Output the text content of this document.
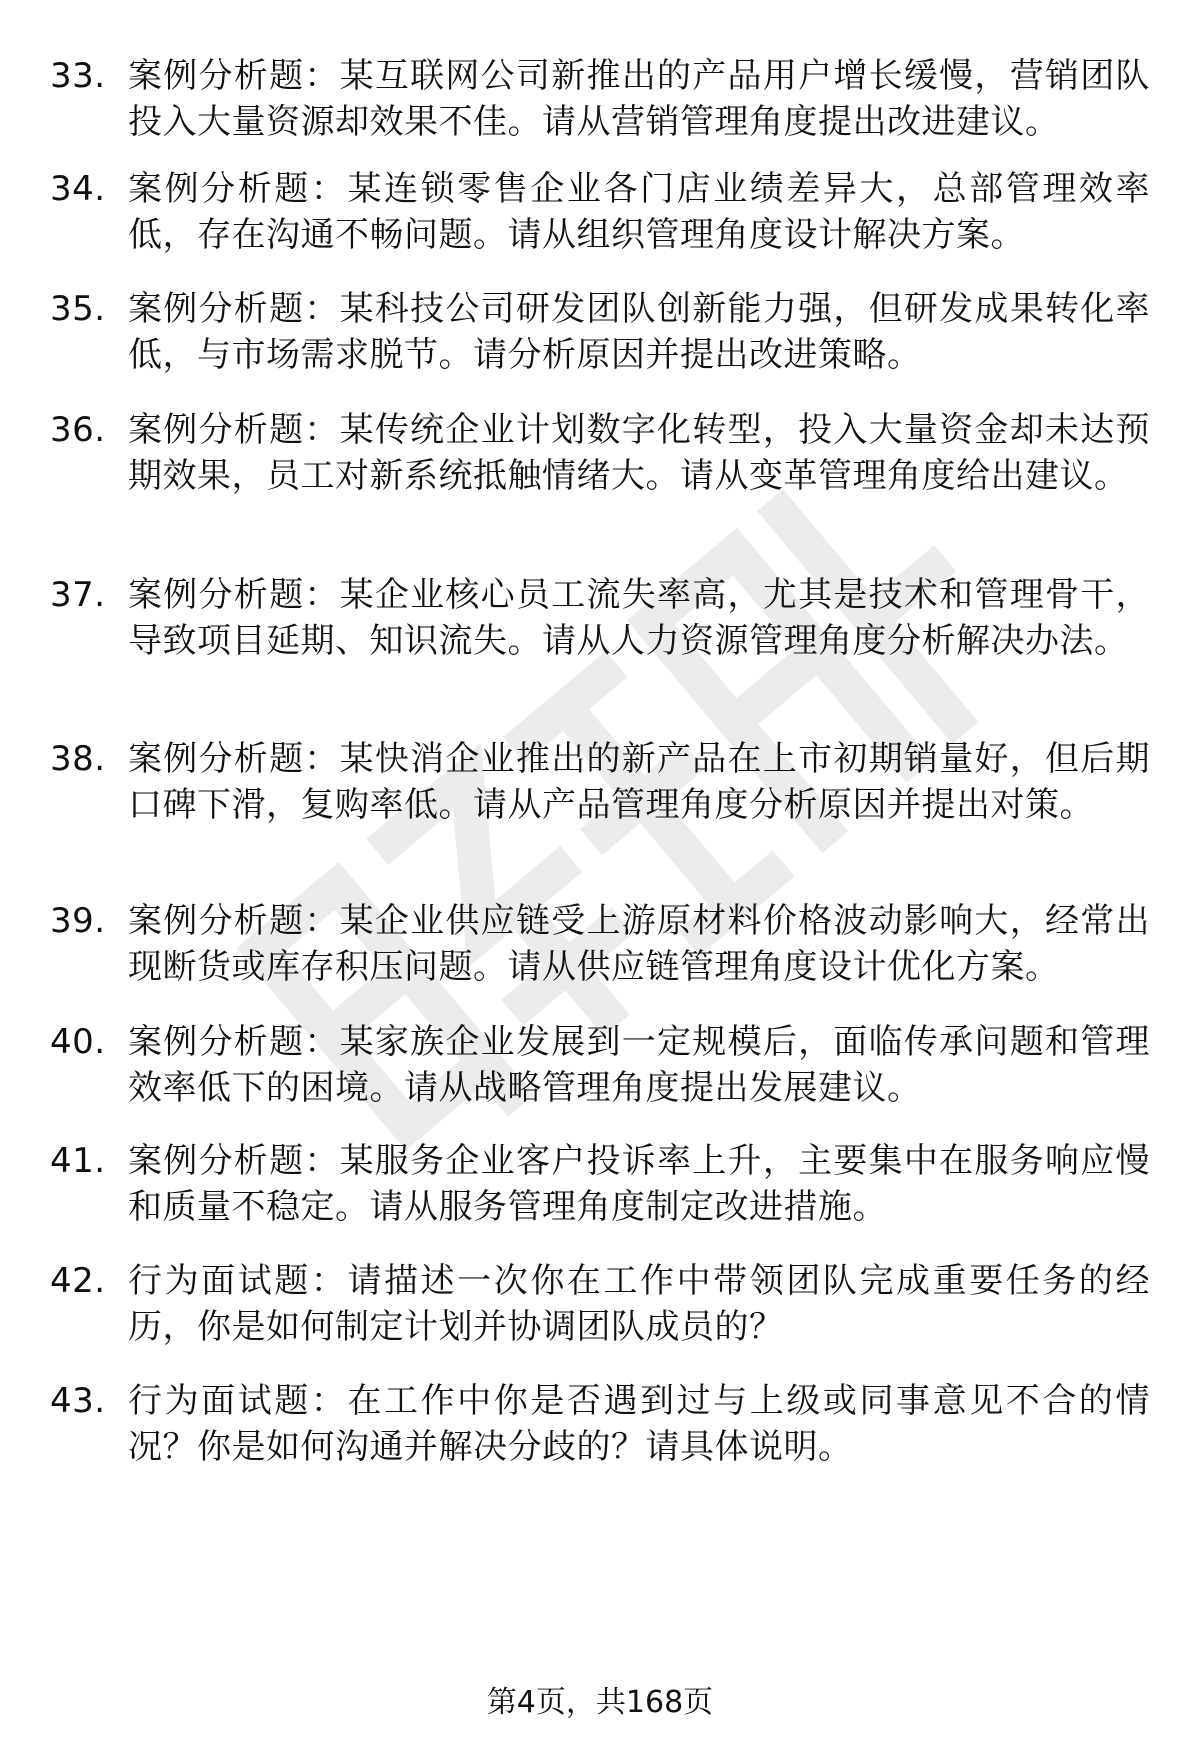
33. 案例分析题：某互联网公司新推出的产品用户增长缓慢，营销团队投入大量资源却效果不佳。请从营销管理角度提出改进建议。
34. 案例分析题：某连锁零售企业各门店业绩差异大，总部管理效率低，存在沟通不畅问题。请从组织管理角度设计解决方案。
35. 案例分析题：某科技公司研发团队创新能力强，但研发成果转化率低，与市场需求脱节。请分析原因并提出改进策略。
36. 案例分析题：某传统企业计划数字化转型，投入大量资金却未达预期效果，员工对新系统抵触情绪大。请从变革管理角度给出建议。
37. 案例分析题：某企业核心员工流失率高，尤其是技术和管理骨干，导致项目延期、知识流失。请从人力资源管理角度分析解决办法。
38. 案例分析题：某快消企业推出的新产品在上市初期销量好，但后期口碑下滑，复购率低。请从产品管理角度分析原因并提出对策。
39. 案例分析题：某企业供应链受上游原材料价格波动影响大，经常出现断货或库存积压问题。请从供应链管理角度设计优化方案。
40. 案例分析题：某家族企业发展到一定规模后，面临传承问题和管理效率低下的困境。请从战略管理角度提出发展建议。
41. 案例分析题：某服务企业客户投诉率上升，主要集中在服务响应慢和质量不稳定。请从服务管理角度制定改进措施。
42. 行为面试题：请描述一次你在工作中带领团队完成重要任务的经历，你是如何制定计划并协调团队成员的？
43. 行为面试题：在工作中你是否遇到过与上级或同事意见不合的情况？你是如何沟通并解决分歧的？请具体说明。
第4页，共168页
